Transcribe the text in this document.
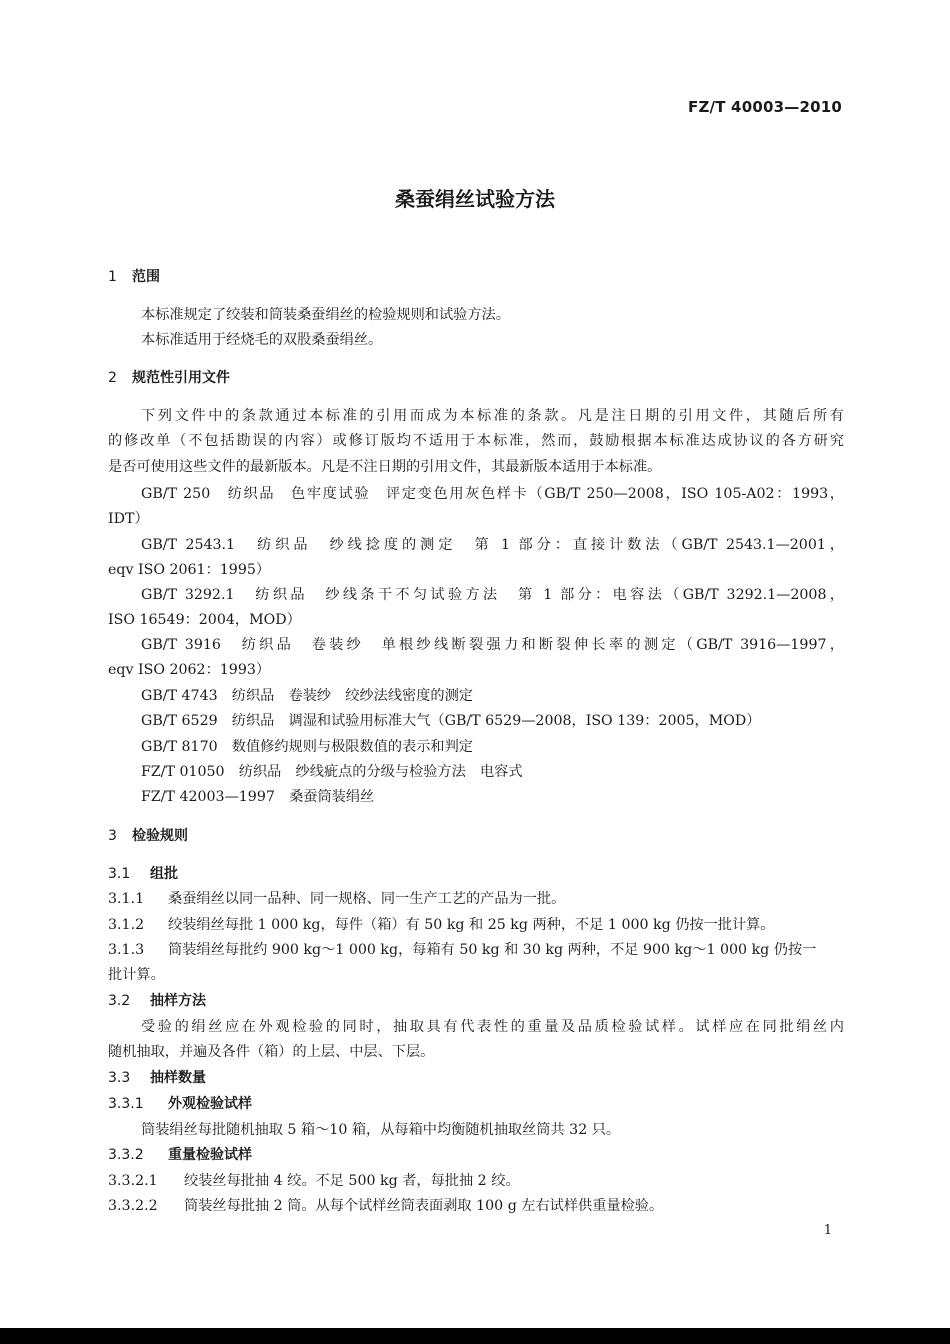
FZ/T 40003—2010
桑蚕绢丝试验方法
1 范围
本标准规定了绞装和筒装桑蚕绢丝的检验规则和试验方法。
本标准适用于经烧毛的双股桑蚕绢丝。
2 规范性引用文件
下列文件中的条款通过本标准的引用而成为本标准的条款。凡是注日期的引用文件，其随后所有
的修改单（不包括勘误的内容）或修订版均不适用于本标准，然而，鼓励根据本标准达成协议的各方研究
是否可使用这些文件的最新版本。凡是不注日期的引用文件，其最新版本适用于本标准。
GB/T 250　纺织品　色牢度试验　评定变色用灰色样卡（GB/T 250—2008，ISO 105-A02：1993，
IDT）
GB/T 2543.1　纺织品　纱线捻度的测定　第 1 部分：直接计数法（GB/T 2543.1—2001，
eqv ISO 2061：1995）
GB/T 3292.1　纺织品　纱线条干不匀试验方法　第 1 部分：电容法（GB/T 3292.1—2008，
ISO 16549：2004，MOD）
GB/T 3916　纺织品　卷装纱　单根纱线断裂强力和断裂伸长率的测定（GB/T 3916—1997，
eqv ISO 2062：1993）
GB/T 4743　纺织品　卷装纱　绞纱法线密度的测定
GB/T 6529　纺织品　调湿和试验用标准大气（GB/T 6529—2008，ISO 139：2005，MOD）
GB/T 8170　数值修约规则与极限数值的表示和判定
FZ/T 01050　纺织品　纱线疵点的分级与检验方法　电容式
FZ/T 42003—1997　桑蚕筒装绢丝
3 检验规则
3.1 组批
3.1.1 桑蚕绢丝以同一品种、同一规格、同一生产工艺的产品为一批。
3.1.2 绞装绢丝每批 1 000 kg，每件（箱）有 50 kg 和 25 kg 两种，不足 1 000 kg 仍按一批计算。
3.1.3 筒装绢丝每批约 900 kg～1 000 kg，每箱有 50 kg 和 30 kg 两种，不足 900 kg～1 000 kg 仍按一
批计算。
3.2 抽样方法
受验的绢丝应在外观检验的同时，抽取具有代表性的重量及品质检验试样。试样应在同批绢丝内
随机抽取，并遍及各件（箱）的上层、中层、下层。
3.3 抽样数量
3.3.1 外观检验试样
筒装绢丝每批随机抽取 5 箱～10 箱，从每箱中均衡随机抽取丝筒共 32 只。
3.3.2 重量检验试样
3.3.2.1 绞装丝每批抽 4 绞。不足 500 kg 者，每批抽 2 绞。
3.3.2.2 筒装丝每批抽 2 筒。从每个试样丝筒表面剥取 100 g 左右试样供重量检验。
1
